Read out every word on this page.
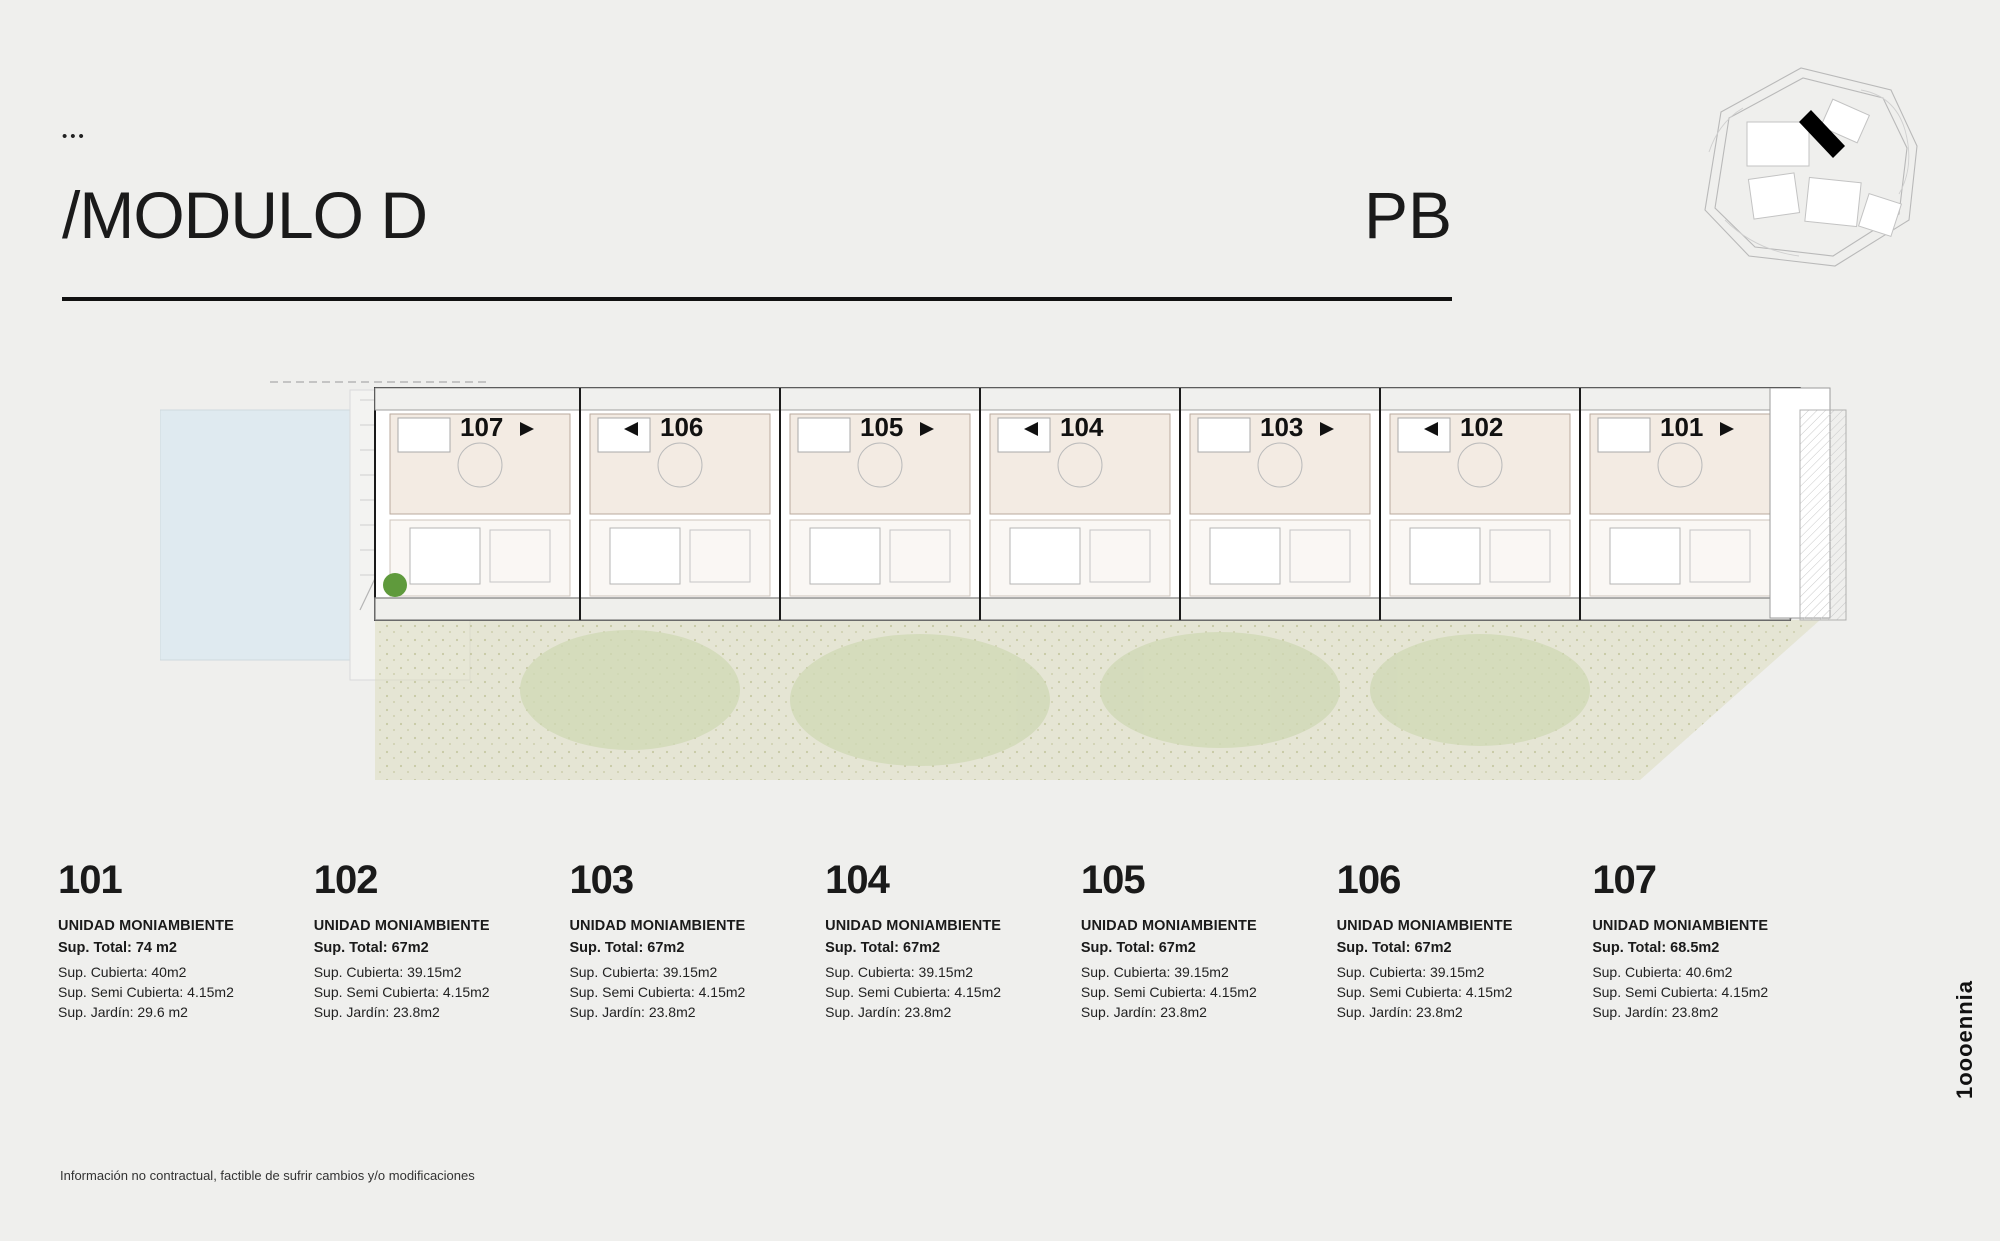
•••
/MODULO D	PB
107	106	105	104	103	102	101
101
UNIDAD MONIAMBIENTE
Sup. Total: 74 m2
Sup. Cubierta: 40m2
Sup. Semi Cubierta: 4.15m2
Sup. Jardín: 29.6 m2
102
UNIDAD MONIAMBIENTE
Sup. Total: 67m2
Sup. Cubierta: 39.15m2
Sup. Semi Cubierta: 4.15m2
Sup. Jardín: 23.8m2
103
UNIDAD MONIAMBIENTE
Sup. Total: 67m2
Sup. Cubierta: 39.15m2
Sup. Semi Cubierta: 4.15m2
Sup. Jardín: 23.8m2
104
UNIDAD MONIAMBIENTE
Sup. Total: 67m2
Sup. Cubierta: 39.15m2
Sup. Semi Cubierta: 4.15m2
Sup. Jardín: 23.8m2
105
UNIDAD MONIAMBIENTE
Sup. Total: 67m2
Sup. Cubierta: 39.15m2
Sup. Semi Cubierta: 4.15m2
Sup. Jardín: 23.8m2
106
UNIDAD MONIAMBIENTE
Sup. Total: 67m2
Sup. Cubierta: 39.15m2
Sup. Semi Cubierta: 4.15m2
Sup. Jardín: 23.8m2
107
UNIDAD MONIAMBIENTE
Sup. Total: 68.5m2
Sup. Cubierta: 40.6m2
Sup. Semi Cubierta: 4.15m2
Sup. Jardín: 23.8m2
Información no contractual, factible de sufrir cambios y/o modificaciones
1oooennia
